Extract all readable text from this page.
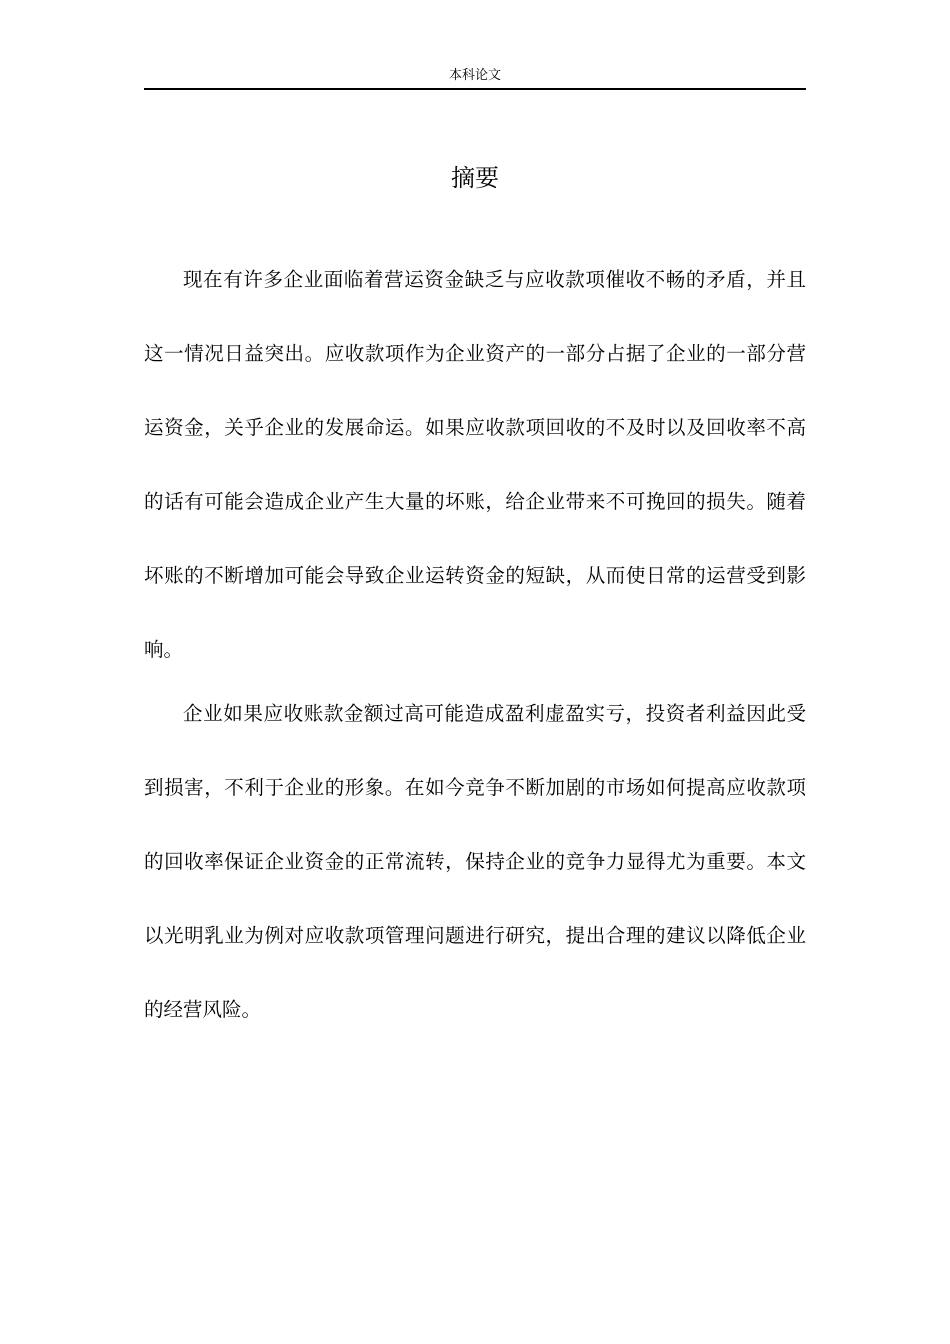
本科论文
摘要

现在有许多企业面临着营运资金缺乏与应收款项催收不畅的矛盾，并且这一情况日益突出。应收款项作为企业资产的一部分占据了企业的一部分营运资金，关乎企业的发展命运。如果应收款项回收的不及时以及回收率不高的话有可能会造成企业产生大量的坏账，给企业带来不可挽回的损失。随着坏账的不断增加可能会导致企业运转资金的短缺，从而使日常的运营受到影响。

企业如果应收账款金额过高可能造成盈利虚盈实亏，投资者利益因此受到损害，不利于企业的形象。在如今竞争不断加剧的市场如何提高应收款项的回收率保证企业资金的正常流转，保持企业的竞争力显得尤为重要。本文以光明乳业为例对应收款项管理问题进行研究，提出合理的建议以降低企业的经营风险。
